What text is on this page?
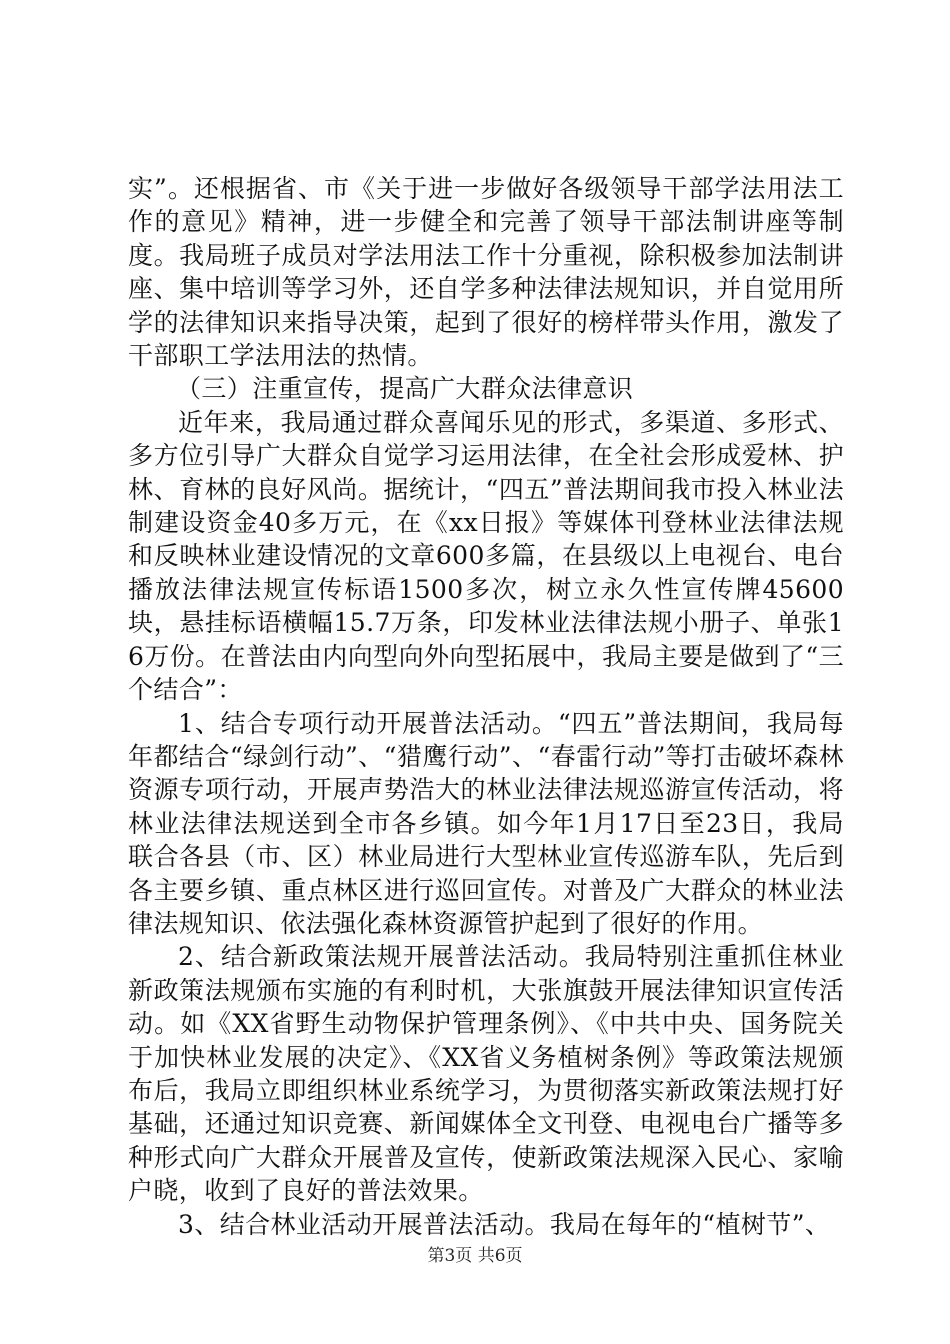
实”。还根据省、市《关于进一步做好各级领导干部学法用法工作的意见》精神，进一步健全和完善了领导干部法制讲座等制度。我局班子成员对学法用法工作十分重视，除积极参加法制讲座、集中培训等学习外，还自学多种法律法规知识，并自觉用所学的法律知识来指导决策，起到了很好的榜样带头作用，激发了干部职工学法用法的热情。

（三）注重宣传，提高广大群众法律意识

近年来，我局通过群众喜闻乐见的形式，多渠道、多形式、多方位引导广大群众自觉学习运用法律，在全社会形成爱林、护林、育林的良好风尚。据统计，“四五”普法期间我市投入林业法制建设资金40多万元，在《xx日报》等媒体刊登林业法律法规和反映林业建设情况的文章600多篇，在县级以上电视台、电台播放法律法规宣传标语1500多次，树立永久性宣传牌45600块，悬挂标语横幅15.7万条，印发林业法律法规小册子、单张16万份。在普法由内向型向外向型拓展中，我局主要是做到了“三个结合”：

1、结合专项行动开展普法活动。“四五”普法期间，我局每年都结合“绿剑行动”、“猎鹰行动”、“春雷行动”等打击破坏森林资源专项行动，开展声势浩大的林业法律法规巡游宣传活动，将林业法律法规送到全市各乡镇。如今年1月17日至23日，我局联合各县（市、区）林业局进行大型林业宣传巡游车队，先后到各主要乡镇、重点林区进行巡回宣传。对普及广大群众的林业法律法规知识、依法强化森林资源管护起到了很好的作用。

2、结合新政策法规开展普法活动。我局特别注重抓住林业新政策法规颁布实施的有利时机，大张旗鼓开展法律知识宣传活动。如《XX省野生动物保护管理条例》、《中共中央、国务院关于加快林业发展的决定》、《XX省义务植树条例》等政策法规颁布后，我局立即组织林业系统学习，为贯彻落实新政策法规打好基础，还通过知识竞赛、新闻媒体全文刊登、电视电台广播等多种形式向广大群众开展普及宣传，使新政策法规深入民心、家喻户晓，收到了良好的普法效果。

3、结合林业活动开展普法活动。我局在每年的“植树节”、

第3页 共6页
